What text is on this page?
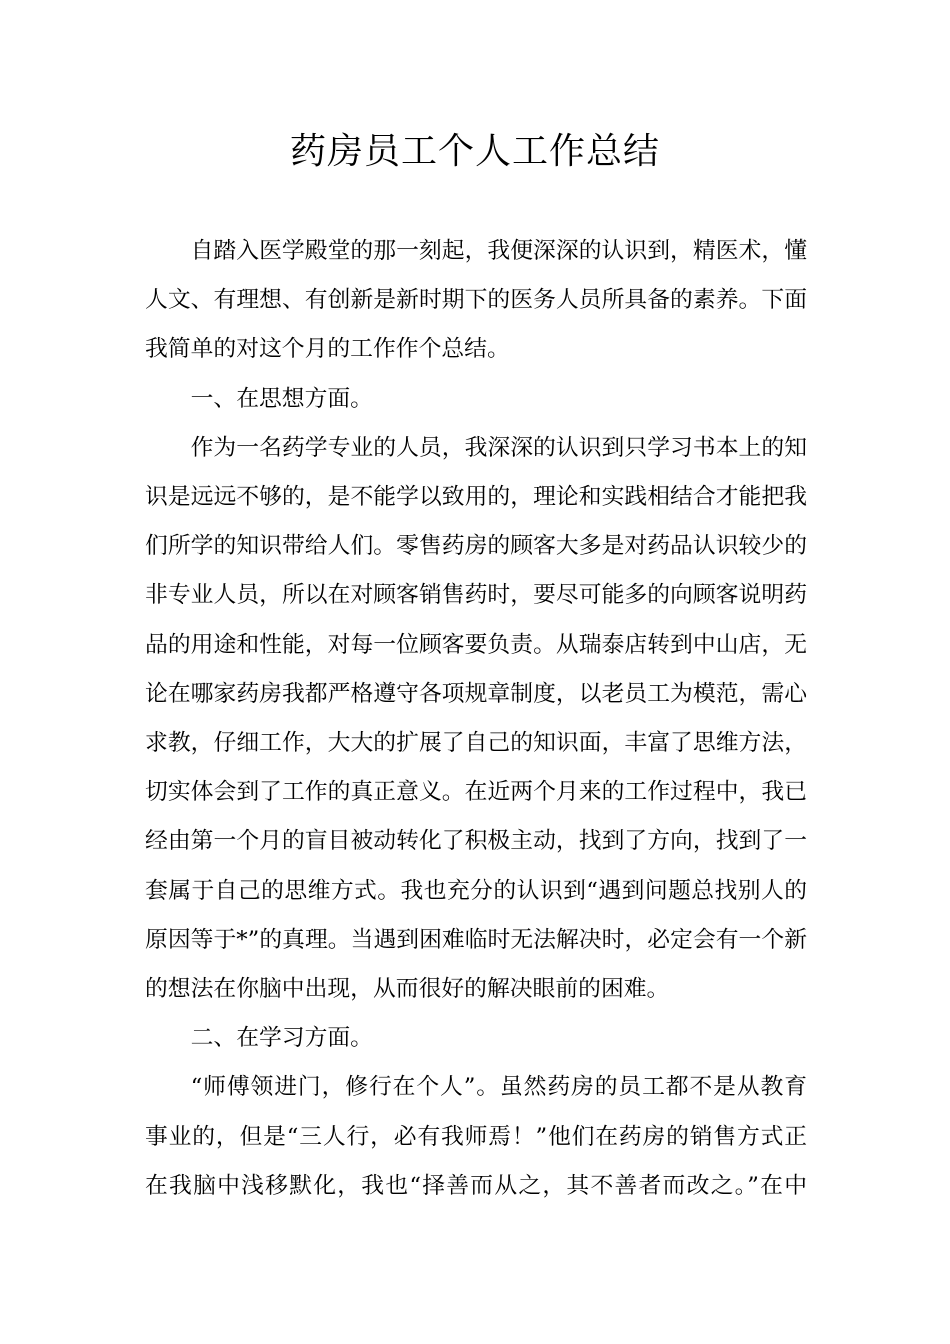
药房员工个人工作总结
自踏入医学殿堂的那一刻起，我便深深的认识到，精医术，懂
人文、有理想、有创新是新时期下的医务人员所具备的素养。下面
我简单的对这个月的工作作个总结。
一、在思想方面。
作为一名药学专业的人员，我深深的认识到只学习书本上的知
识是远远不够的，是不能学以致用的，理论和实践相结合才能把我
们所学的知识带给人们。零售药房的顾客大多是对药品认识较少的
非专业人员，所以在对顾客销售药时，要尽可能多的向顾客说明药
品的用途和性能，对每一位顾客要负责。从瑞泰店转到中山店，无
论在哪家药房我都严格遵守各项规章制度，以老员工为模范，需心
求教，仔细工作，大大的扩展了自己的知识面，丰富了思维方法，
切实体会到了工作的真正意义。在近两个月来的工作过程中，我已
经由第一个月的盲目被动转化了积极主动，找到了方向，找到了一
套属于自己的思维方式。我也充分的认识到“遇到问题总找别人的
原因等于*”的真理。当遇到困难临时无法解决时，必定会有一个新
的想法在你脑中出现，从而很好的解决眼前的困难。
二、在学习方面。
“师傅领进门，修行在个人”。虽然药房的员工都不是从教育
事业的，但是“三人行，必有我师焉！”他们在药房的销售方式正
在我脑中浅移默化，我也“择善而从之，其不善者而改之。”在中
